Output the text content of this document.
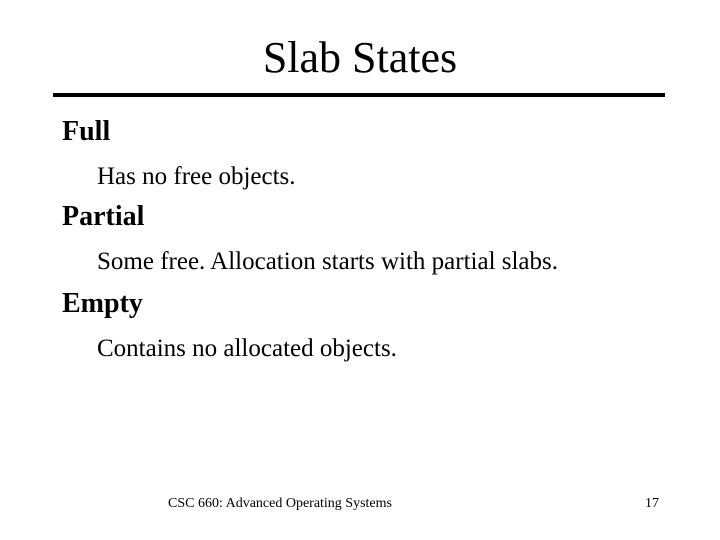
Slab States
Full
Has no free objects.
Partial
Some free. Allocation starts with partial slabs.
Empty
Contains no allocated objects.
CSC 660: Advanced Operating Systems	17
